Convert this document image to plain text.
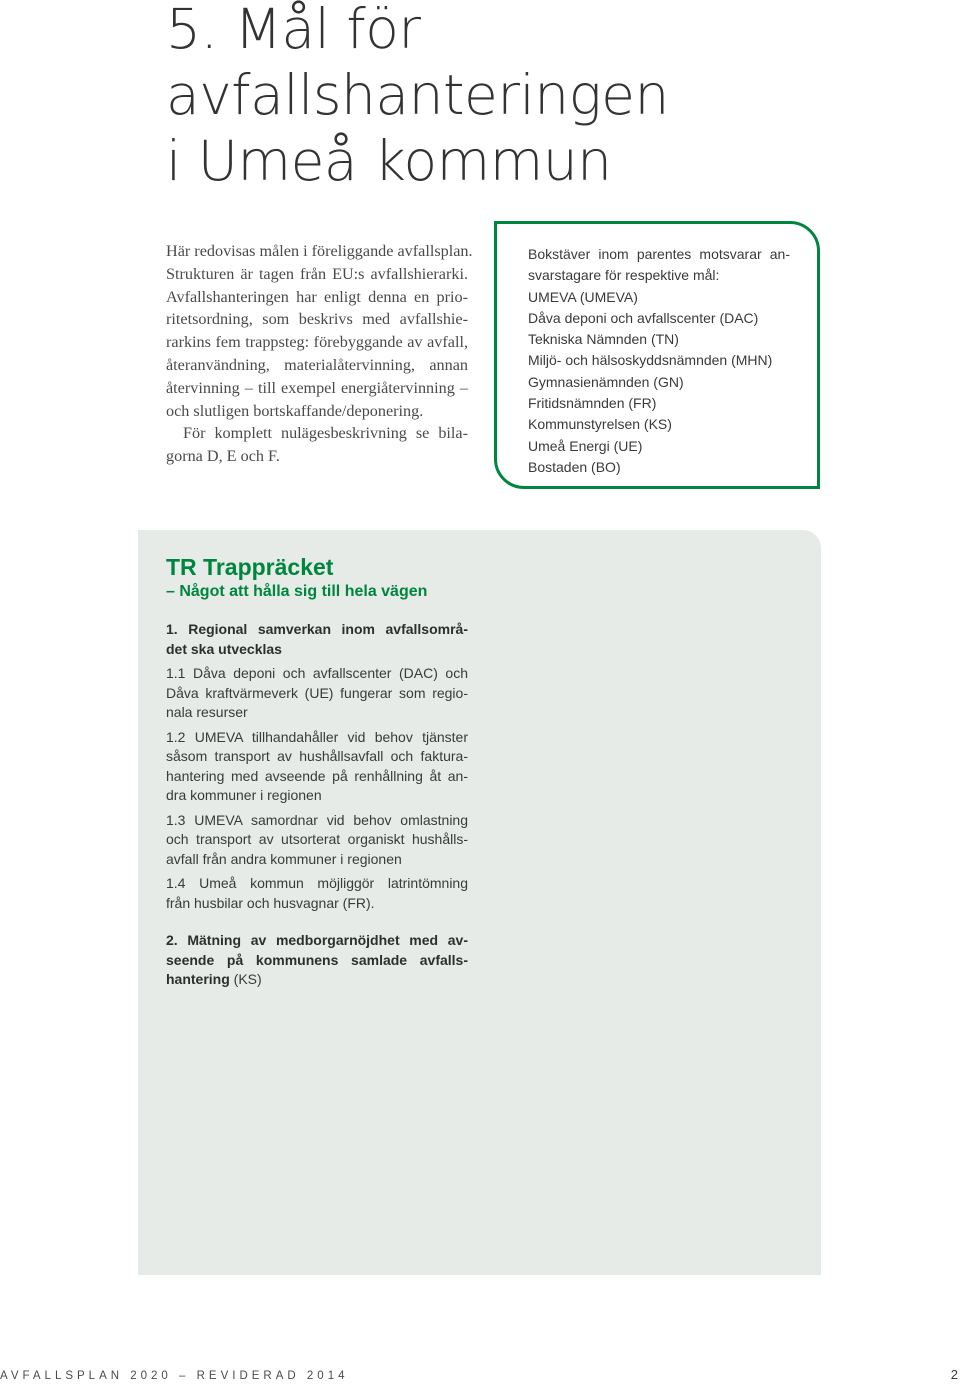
5. Mål för
avfallshanteringen
i Umeå kommun

Här redovisas målen i föreliggande avfallsplan.
Strukturen är tagen från EU:s avfallshierarki.
Avfallshanteringen har enligt denna en prio-
ritetsordning, som beskrivs med avfallshie-
rarkins fem trappsteg: förebyggande av avfall,
återanvändning, materialåtervinning, annan
återvinning – till exempel energiåtervinning –
och slutligen bortskaffande/deponering.

För komplett nulägesbeskrivning se bila-
gorna D, E och F.

Bokstäver inom parentes motsvarar an-
svarstagare för respektive mål:
UMEVA (UMEVA)
Dåva deponi och avfallscenter (DAC)
Tekniska Nämnden (TN)
Miljö- och hälsoskyddsnämnden (MHN)
Gymnasienämnden (GN)
Fritidsnämnden (FR)
Kommunstyrelsen (KS)
Umeå Energi (UE)
Bostaden (BO)
TR Trappräcket

– Något att hålla sig till hela vägen

1. Regional samverkan inom avfallsområ-
det ska utvecklas
1.1 Dåva deponi och avfallscenter (DAC) och
Dåva kraftvärmeverk (UE) fungerar som regio-
nala resurser
1.2 UMEVA tillhandahåller vid behov tjänster
såsom transport av hushållsavfall och faktura-
hantering med avseende på renhållning åt an-
dra kommuner i regionen
1.3 UMEVA samordnar vid behov omlastning
och transport av utsorterat organiskt hushålls-
avfall från andra kommuner i regionen
1.4 Umeå kommun möjliggör latrintömning
från husbilar och husvagnar (FR).
2. Mätning av medborgarnöjdhet med av-
seende på kommunens samlade avfalls-
hantering (KS)

AVFALLSPLAN 2020 – REVIDERAD 2014	2
